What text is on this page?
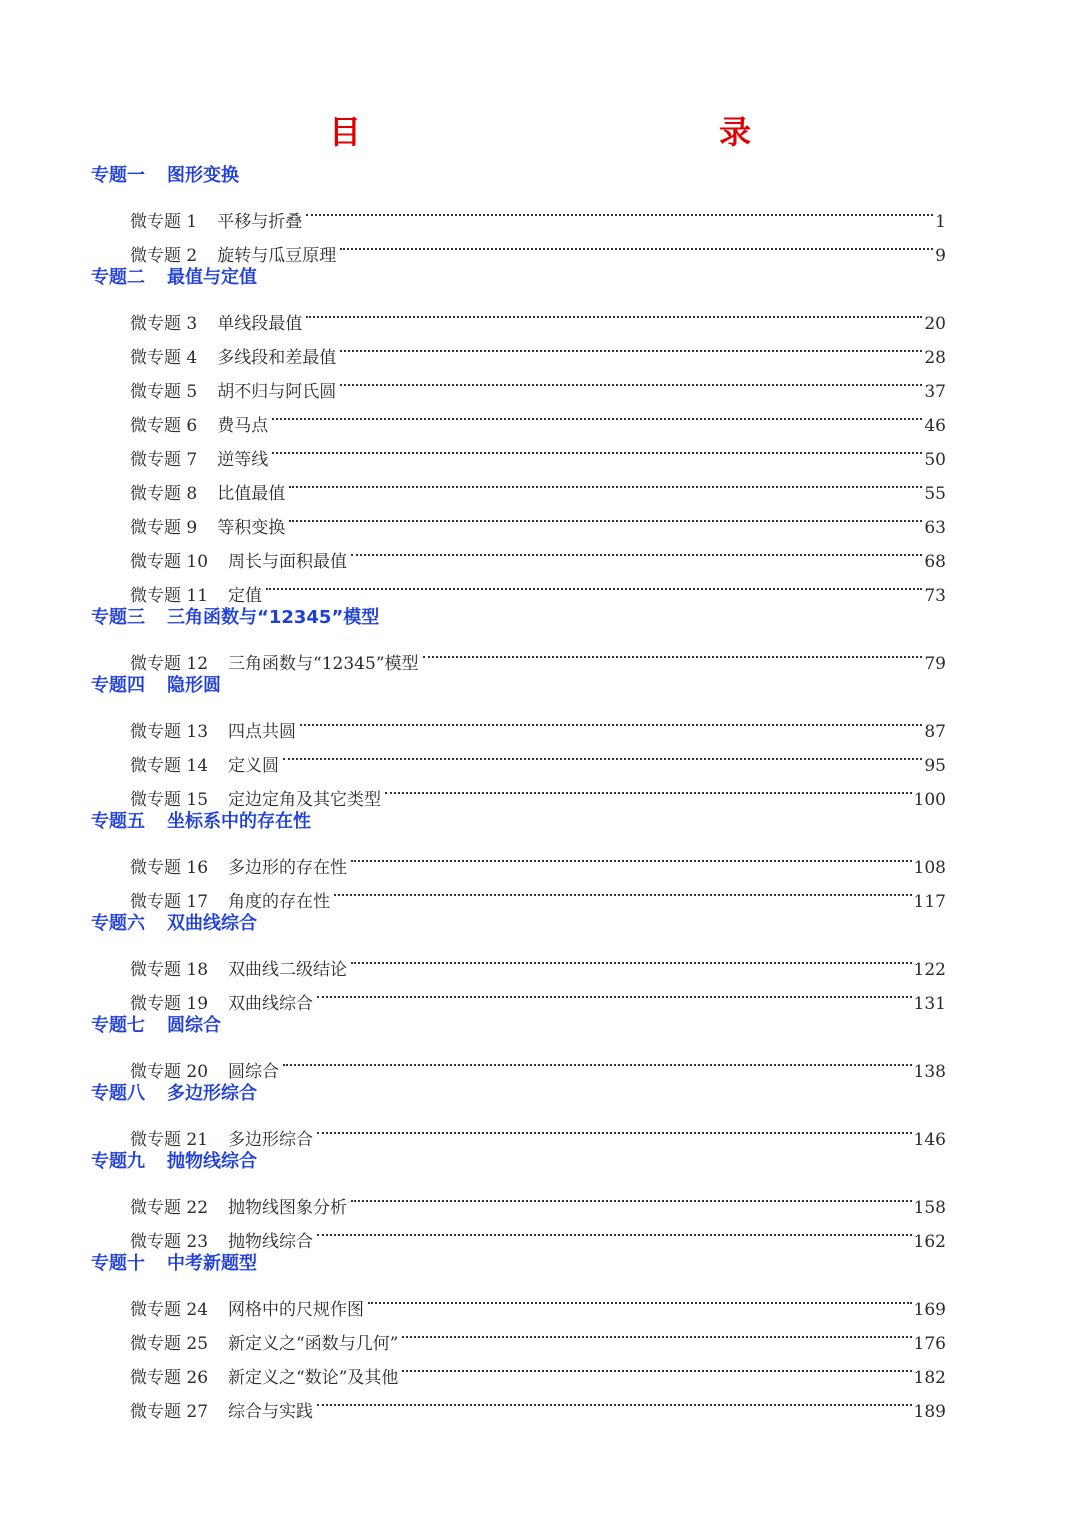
目　　录
专题一 图形变换
微专题 1	平移与折叠	1
微专题 2	旋转与瓜豆原理	9
专题二 最值与定值
微专题 3	单线段最值	20
微专题 4	多线段和差最值	28
微专题 5	胡不归与阿氏圆	37
微专题 6	费马点	46
微专题 7	逆等线	50
微专题 8	比值最值	55
微专题 9	等积变换	63
微专题 10	周长与面积最值	68
微专题 11	定值	73
专题三 三角函数与“12345”模型
微专题 12	三角函数与“12345”模型	79
专题四 隐形圆
微专题 13	四点共圆	87
微专题 14	定义圆	95
微专题 15	定边定角及其它类型	100
专题五 坐标系中的存在性
微专题 16	多边形的存在性	108
微专题 17	角度的存在性	117
专题六 双曲线综合
微专题 18	双曲线二级结论	122
微专题 19	双曲线综合	131
专题七 圆综合
微专题 20	圆综合	138
专题八 多边形综合
微专题 21	多边形综合	146
专题九 抛物线综合
微专题 22	抛物线图象分析	158
微专题 23	抛物线综合	162
专题十 中考新题型
微专题 24	网格中的尺规作图	169
微专题 25	新定义之“函数与几何”	176
微专题 26	新定义之“数论”及其他	182
微专题 27	综合与实践	189
